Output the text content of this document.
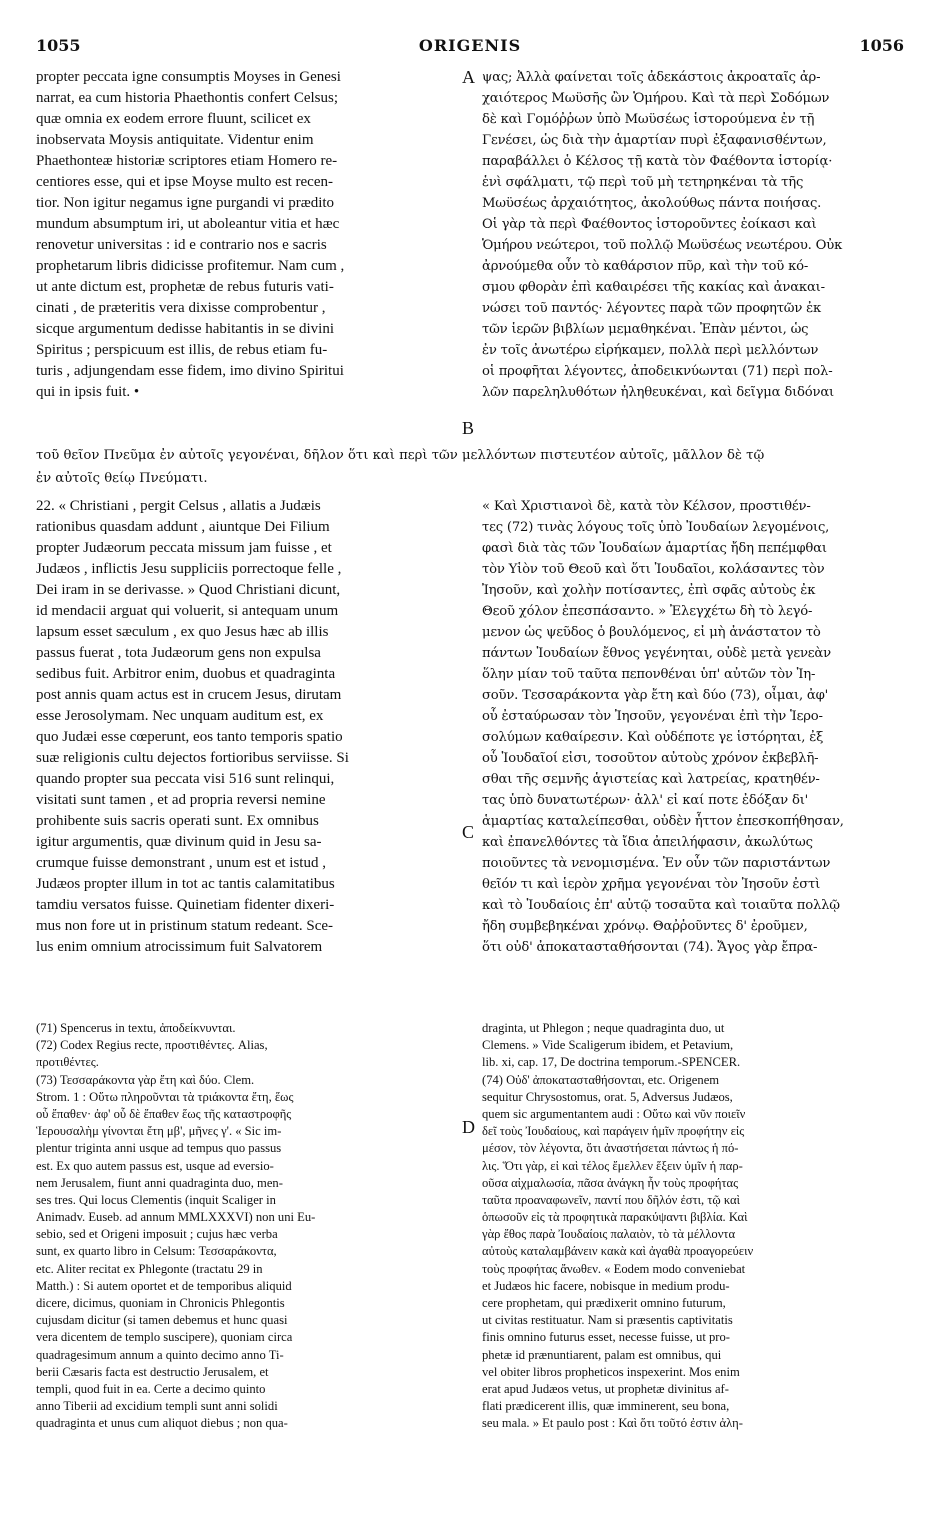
1055	ORIGENIS	1056
propter peccata igne consumptis Moyses in Genesi
narrat, ea cum historia Phaethontis confert Celsus;
quæ omnia ex eodem errore fluunt, scilicet ex
inobservata Moysis antiquitate. Videntur enim
Phaethonteæ historiæ scriptores etiam Homero re-
centiores esse, qui et ipse Moyse multo est recen-
tior. Non igitur negamus igne purgandi vi prædito
mundum absumptum iri, ut aboleantur vitia et hæc
renovetur universitas : id e contrario nos e sacris
prophetarum libris didicisse profitemur. Nam cum ,
ut ante dictum est, prophetæ de rebus futuris vati-
cinati , de præteritis vera dixisse comprobentur ,
sicque argumentum dedisse habitantis in se divini
Spiritus ; perspicuum est illis, de rebus etiam fu-
turis , adjungendam esse fidem, imo divino Spiritui
qui in ipsis fuit. •
ψας; Ἀλλὰ φαίνεται τοῖς ἀδεκάστοις ἀκροαταῖς ἀρ-
χαιότερος Μωϋσῆς ὢν Ὁμήρου. Καὶ τὰ περὶ Σοδόμων
δὲ καὶ Γομόῤῥων ὑπὸ Μωϋσέως ἱστορούμενα ἐν τῇ
Γενέσει, ὡς διὰ τὴν ἁμαρτίαν πυρὶ ἐξαφανισθέντων,
παραβάλλει ὁ Κέλσος τῇ κατὰ τὸν Φαέθοντα ἱστορίᾳ·
ἑνὶ σφάλματι, τῷ περὶ τοῦ μὴ τετηρηκέναι τὰ τῆς
Μωϋσέως ἀρχαιότητος, ἀκολούθως πάντα ποιήσας.
Οἱ γὰρ τὰ περὶ Φαέθοντος ἱστοροῦντες ἐοίκασι καὶ
Ὁμήρου νεώτεροι, τοῦ πολλῷ Μωϋσέως νεωτέρου. Οὐκ
ἀρνούμεθα οὖν τὸ καθάρσιον πῦρ, καὶ τὴν τοῦ κό-
σμου φθορὰν ἐπὶ καθαιρέσει τῆς κακίας καὶ ἀνακαι-
νώσει τοῦ παντός· λέγοντες παρὰ τῶν προφητῶν ἐκ
τῶν ἱερῶν βιβλίων μεμαθηκέναι. Ἐπὰν μέντοι, ὡς
ἐν τοῖς ἀνωτέρω εἰρήκαμεν, πολλὰ περὶ μελλόντων
οἱ προφῆται λέγοντες, ἀποδεικνύωνται (71) περὶ πολ-
λῶν παρεληλυθότων ἠληθευκέναι, καὶ δεῖγμα διδόναι
A
B
C
D
τοῦ θεῖον Πνεῦμα ἐν αὐτοῖς γεγονέναι, δῆλον ὅτι καὶ περὶ τῶν μελλόντων πιστευτέον αὐτοῖς, μᾶλλον δὲ τῷ
ἐν αὐτοῖς θείῳ Πνεύματι.
22. « Christiani , pergit Celsus , allatis a Judæis
rationibus quasdam addunt , aiuntque Dei Filium
propter Judæorum peccata missum jam fuisse , et
Judæos , inflictis Jesu suppliciis porrectoque felle ,
Dei iram in se derivasse. » Quod Christiani dicunt,
id mendacii arguat qui voluerit, si antequam unum
lapsum esset sæculum , ex quo Jesus hæc ab illis
passus fuerat , tota Judæorum gens non expulsa
sedibus fuit. Arbitror enim, duobus et quadraginta
post annis quam actus est in crucem Jesus, dirutam
esse Jerosolymam. Nec unquam auditum est, ex
quo Judæi esse cœperunt, eos tanto temporis spatio
suæ religionis cultu dejectos fortioribus serviisse. Si
quando propter sua peccata visi 516 sunt relinqui,
visitati sunt tamen , et ad propria reversi nemine
prohibente suis sacris operati sunt. Ex omnibus
igitur argumentis, quæ divinum quid in Jesu sa-
crumque fuisse demonstrant , unum est et istud ,
Judæos propter illum in tot ac tantis calamitatibus
tamdiu versatos fuisse. Quinetiam fidenter dixeri-
mus non fore ut in pristinum statum redeant. Sce-
lus enim omnium atrocissimum fuit Salvatorem
« Καὶ Χριστιανοὶ δὲ, κατὰ τὸν Κέλσον, προστιθέν-
τες (72) τινὰς λόγους τοῖς ὑπὸ Ἰουδαίων λεγομένοις,
φασὶ διὰ τὰς τῶν Ἰουδαίων ἁμαρτίας ἤδη πεπέμφθαι
τὸν Υἱὸν τοῦ Θεοῦ καὶ ὅτι Ἰουδαῖοι, κολάσαντες τὸν
Ἰησοῦν, καὶ χολὴν ποτίσαντες, ἐπὶ σφᾶς αὐτοὺς ἐκ
Θεοῦ χόλον ἐπεσπάσαντο. » Ἐλεγχέτω δὴ τὸ λεγό-
μενον ὡς ψεῦδος ὁ βουλόμενος, εἰ μὴ ἀνάστατον τὸ
πάντων Ἰουδαίων ἔθνος γεγένηται, οὐδὲ μετὰ γενεὰν
ὅλην μίαν τοῦ ταῦτα πεπονθέναι ὑπ' αὐτῶν τὸν Ἰη-
σοῦν. Τεσσαράκοντα γὰρ ἔτη καὶ δύο (73), οἶμαι, ἀφ'
οὗ ἐσταύρωσαν τὸν Ἰησοῦν, γεγονέναι ἐπὶ τὴν Ἱερο-
σολύμων καθαίρεσιν. Καὶ οὐδέποτε γε ἱστόρηται, ἐξ
οὗ Ἰουδαῖοί εἰσι, τοσοῦτον αὐτοὺς χρόνον ἐκβεβλῆ-
σθαι τῆς σεμνῆς ἁγιστείας καὶ λατρείας, κρατηθέν-
τας ὑπὸ δυνατωτέρων· ἀλλ' εἰ καί ποτε ἐδόξαν δι'
ἁμαρτίας καταλείπεσθαι, οὐδὲν ἧττον ἐπεσκοπήθησαν,
καὶ ἐπανελθόντες τὰ ἴδια ἀπειλήφασιν, ἀκωλύτως
ποιοῦντες τὰ νενομισμένα. Ἐν οὖν τῶν παριστάντων
θεῖόν τι καὶ ἱερὸν χρῆμα γεγονέναι τὸν Ἰησοῦν ἐστὶ
καὶ τὸ Ἰουδαίοις ἐπ' αὐτῷ τοσαῦτα καὶ τοιαῦτα πολλῷ
ἤδη συμβεβηκέναι χρόνῳ. Θαῤῥοῦντες δ' ἐροῦμεν,
ὅτι οὐδ' ἀποκατασταθήσονται (74). Ἄγος γὰρ ἔπρα-
(71) Spencerus in textu, ἀποδείκνυνται.
(72) Codex Regius recte, προστιθέντες. Alias,
προτιθέντες.
(73) Τεσσαράκοντα γὰρ ἔτη καὶ δύο. Clem.
Strom. 1 : Οὕτω πληροῦνται τὰ τριάκοντα ἔτη, ἕως
οὗ ἔπαθεν· ἀφ' οὗ δὲ ἔπαθεν ἕως τῆς καταστροφῆς
Ἱερουσαλὴμ γίνονται ἔτη μβ', μῆνες γ'. « Sic im-
plentur triginta anni usque ad tempus quo passus
est. Ex quo autem passus est, usque ad eversio-
nem Jerusalem, fiunt anni quadraginta duo, men-
ses tres. Qui locus Clementis (inquit Scaliger in
Animadv. Euseb. ad annum MMLXXXVI) non uni Eu-
sebio, sed et Origeni imposuit ; cujus hæc verba
sunt, ex quarto libro in Celsum: Τεσσαράκοντα,
etc. Aliter recitat ex Phlegonte (tractatu 29 in
Matth.) : Si autem oportet et de temporibus aliquid
dicere, dicimus, quoniam in Chronicis Phlegontis
cujusdam dicitur (si tamen debemus et hunc quasi
vera dicentem de templo suscipere), quoniam circa
quadragesimum annum a quinto decimo anno Ti-
berii Cæsaris facta est destructio Jerusalem, et
templi, quod fuit in ea. Certe a decimo quinto
anno Tiberii ad excidium templi sunt anni solidi
quadraginta et unus cum aliquot diebus ; non qua-
draginta, ut Phlegon ; neque quadraginta duo, ut
Clemens. » Vide Scaligerum ibidem, et Petavium,
lib. xi, cap. 17, De doctrina temporum.-SPENCER.
(74) Οὐδ' ἀποκατασταθήσονται, etc. Origenem
sequitur Chrysostomus, orat. 5, Adversus Judæos,
quem sic argumentantem audi : Οὕτω καὶ νῦν ποιεῖν
δεῖ τοὺς Ἰουδαίους, καὶ παράγειν ἡμῖν προφήτην εἰς
μέσον, τὸν λέγοντα, ὅτι ἀναστήσεται πάντως ἡ πό-
λις. Ὅτι γὰρ, εἰ καὶ τέλος ἔμελλεν ἕξειν ὑμῖν ἡ παρ-
οῦσα αἰχμαλωσία, πᾶσα ἀνάγκη ἦν τοὺς προφήτας
ταῦτα προαναφωνεῖν, παντί που δῆλόν ἐστι, τῷ καὶ
ὁπωσοῦν εἰς τὰ προφητικὰ παρακύψαντι βιβλία. Καὶ
γὰρ ἔθος παρὰ Ἰουδαίοις παλαιὸν, τὸ τὰ μέλλοντα
αὐτοὺς καταλαμβάνειν κακὰ καὶ ἀγαθὰ προαγορεύειν
τοὺς προφήτας ἄνωθεν. « Eodem modo conveniebat
et Judæos hic facere, nobisque in medium produ-
cere prophetam, qui prædixerit omnino futurum,
ut civitas restituatur. Nam si præsentis captivitatis
finis omnino futurus esset, necesse fuisse, ut pro-
phetæ id prænuntiarent, palam est omnibus, qui
vel obiter libros propheticos inspexerint. Mos enim
erat apud Judæos vetus, ut prophetæ divinitus af-
flati prædicerent illis, quæ imminerent, seu bona,
seu mala. » Et paulo post : Καὶ ὅτι τοῦτό ἐστιν ἀλη-
